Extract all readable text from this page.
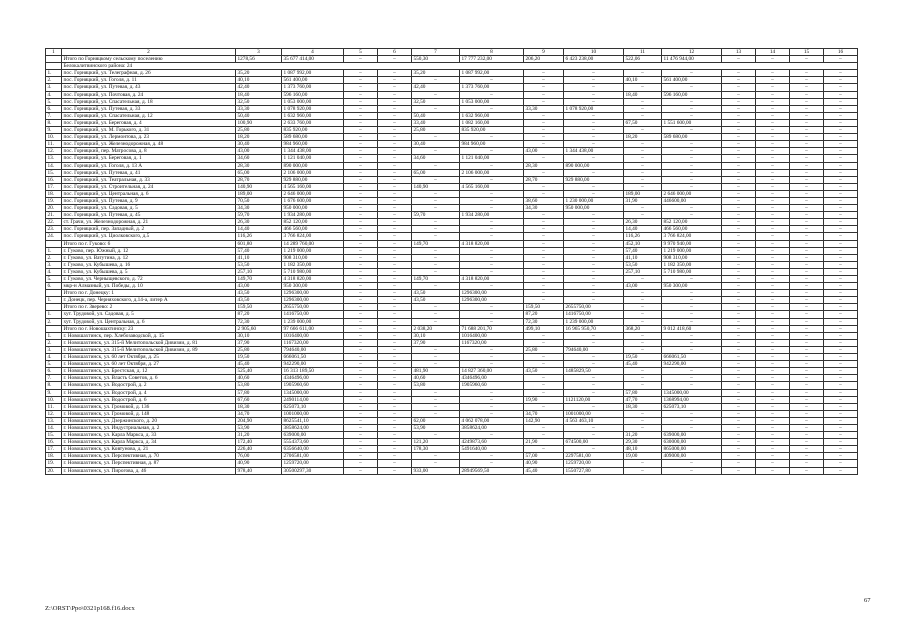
1	2	3	4	5	6	7	8	9	10	11	12	13	14	15	16
	Итого по Горняцкому сельскому поселению	1278,56	35 677 414,00	–	–	550,30	17 777 232,00	206,20	6 423 238,00	522,06	11 476 944,00	–	–	–	–
	Белокалитвинского района: 24														
1.	пос. Горняцкий, ул. Телеграфная, д. 26	35,20	1 087 992,00	–	–	35,20	1 087 992,00	–	–	–	–	–	–	–	–
2.	пос. Горняцкий, ул. Гоголя, д. 11	40,10	561 400,00	–	–	–	–	–	–	40,10	561 400,00	–	–	–	–
3.	пос. Горняцкий, ул. Путевая, д. 43	42,40	1 373 760,00	–	–	42,40	1 373 760,00	–	–	–	–	–	–	–	–
4.	пос. Горняцкий, ул. Почтовая, д. 24	18,40	596 160,00	–	–	–	–	–	–	18,40	596 160,00	–	–	–	–
5.	пос. Горняцкий, ул. Спасательная, д. 18	32,50	1 053 000,00	–	–	32,50	1 053 000,00	–	–	–	–	–	–	–	–
6.	пос. Горняцкий, ул. Путевая, д. 33	33,30	1 078 920,00	–	–	–	–	33,30	1 078 920,00	–	–	–	–	–	–
7.	пос. Горняцкий, ул. Спасательная, д. 12	50,40	1 632 960,00	–	–	50,40	1 632 960,00	–	–	–	–	–	–	–	–
8.	пос. Горняцкий, ул. Береговая, д. 4	100,90	2 633 760,00	–	–	33,40	1 082 160,00	–	–	67,50	1 551 600,00	–	–	–	–
9.	пос. Горняцкий, ул. М. Горького, д. 31	25,80	835 920,00	–	–	25,80	835 920,00	–	–	–	–	–	–	–	–
10.	пос. Горняцкий, ул. Лермонтова, д. 23	18,20	589 680,00	–	–	–	–	–	–	18,20	589 680,00	–	–	–	–
11.	пос. Горняцкий, ул. Железнодорожная, д. 48	30,40	984 960,00	–	–	30,40	984 960,00	–	–	–	–	–	–	–	–
12.	пос. Горняцкий, пер. Матросова, д. 8	43,00	1 344 438,00	–	–	–	–	43,00	1 344 438,00	–	–	–	–	–	–
13.	пос. Горняцкий, ул. Береговая, д. 1	34,60	1 121 040,00	–	–	34,60	1 121 040,00	–	–	–	–	–	–	–	–
14.	пос. Горняцкий, ул. Гоголя, д. 13 А	28,30	890 000,00	–	–	–	–	28,30	890 000,00	–	–	–	–	–	–
15.	пос. Горняцкий, ул. Путевая, д. 41	65,00	2 106 000,00	–	–	65,00	2 106 000,00	–	–	–	–	–	–	–	–
16.	пос. Горняцкий, ул. Театральная, д. 33	28,70	929 880,00	–	–	–	–	28,70	929 880,00	–	–	–	–	–	–
17.	пос. Горняцкий, ул. Строительная, д. 24	140,90	4 565 160,00	–	–	140,90	4 565 160,00	–	–	–	–	–	–	–	–
18.	пос. Горняцкий, ул. Центральная, д. 6	189,00	2 646 000,00	–	–	–	–	–	–	189,00	2 646 000,00	–	–	–	–
19.	пос. Горняцкий, ул. Путевая, д. 9	70,50	1 676 600,00	–	–	–	–	38,60	1 230 000,00	31,90	446600,00	–	–	–	–
20.	пос. Горняцкий, ул. Садовая, д. 5	34,30	950 000,00	–	–	–	–	34,30	950 000,00	–	–	–	–	–	–
21.	пос. Горняцкий, ул. Путевая, д. 45	59,70	1 934 280,00	–	–	59,70	1 934 280,00	–	–	–	–	–	–	–	–
22.	ст. Грачи, ул. Железнодорожная, д. 21	26,30	852 120,00	–	–	–	–	–	–	26,30	852 120,00	–	–	–	–
23.	пос. Горняцкий, пер. Западный, д. 2	14,40	466 560,00	–	–	–	–	–	–	14,40	466 560,00	–	–	–	–
24.	пос. Горняцкий, ул. Циолковского, д.5	116,26	3 766 824,00	–	–	–	–	–	–	116,26	3 766 824,00	–	–	–	–
	Итого по г. Гуково: 6	601,80	14 289 760,00	–	–	149,70	4 318 820,00	–	–	452,10	9 970 940,00	–	–	–	–
1.	г. Гуково, пер. Южный, д. 12	57,40	1 219 000,00	–	–	–	–	–	–	57,40	1 219 000,00	–	–	–	–
2.	г. Гуково, ул. Ватутина, д. 12	41,10	908 310,00	–	–	–	–	–	–	41,10	908 310,00	–	–	–	–
3.	г. Гуково, ул. Кубышева, д. 16	53,50	1 182 350,00	–	–	–	–	–	–	53,50	1 182 350,00	–	–	–	–
4.	г. Гуково, ул. Кубышева, д. 5	257,10	5 710 980,00	–	–	–	–	–	–	257,10	5 710 980,00	–	–	–	–
5.	г. Гуково, ул. Черныщевского, д. 72	149,70	4 318 820,00	–	–	149,70	4 318 820,00	–	–	–	–	–	–	–	–
6.	мкр-н Алмазный, ул. Победы, д. 10	43,00	950 300,00	–	–	–	–	–	–	43,00	950 300,00	–	–	–	–
	Итого по г. Донецку: 1	43,50	1296300,00	–	–	43,50	1296300,00	–	–	–	–	–	–	–	–
1.	г. Донецк, пер. Черняховского, д.14-а, литер А	43,50	1296300,00	–	–	43,50	1296300,00	–	–	–	–	–	–	–	–
	Итого по г. Зверево: 2	159,50	2655750,00	–	–	–	–	159,50	2655750,00	–	–	–	–	–	–
1.	хут. Трудовой, ул. Садовая, д. 5	87,20	1416750,00	–	–	–	–	87,20	1416750,00	–	–	–	–	–	–
2.	хут. Трудовой, ул. Центральная, д. 6	72,30	1 239 000,00	–	–	–	–	72,30	1 239 000,00	–	–	–	–	–	–
	Итого по г. Новошахтинску: 23	2 905,60	97 666 611,00	–	–	2 038,20	71 688 201,70	499,10	16 965 950,70	368,20	9 012 418,60	–	–	–	–
1.	г. Новошахтинск, пер. Хлебозаводской, д. 15	30,10	1016400,00	–	–	30,10	1016400,00	–	–	–	–	–	–	–	–
2.	г. Новошахтинск, ул. 315-й Мелитопольской Дивизии, д. 81	37,90	1167320,00	–	–	37,90	1167320,00	–	–	–	–	–	–	–	–
3.	г. Новошахтинск, ул. 315-й Мелитопольской Дивизии, д. 89	25,80	794640,00	–	–	–	–	25,80	794640,00	–	–	–	–	–	–
4.	г. Новошахтинск, ул. 60 лет Октября, д. 25	19,50	666061,50	–	–	–	–	–	–	19,50	666061,50	–	–	–	–
5.	г. Новошахтинск, ул. 60 лет Октября, д. 27	45,40	942290,00	–	–	–	–	–	–	45,40	942290,00	–	–	–	–
6.	г. Новошахтинск, ул. Брестская, д. 12	525,40	16 313 189,50	–	–	481,90	14 827 360,00	43,50	1485829,50	–	–	–	–	–	–
7.	г. Новошахтинск, ул. Власть Советов, д. 6	40,60	4346496,00	–	–	40,60	4346496,00	–	–	–	–	–	–	–	–
8.	г. Новошахтинск, ул. Водострой, д. 2	53,80	1905960,60	–	–	53,80	1905960,60	–	–	–	–	–	–	–	–
9.	г. Новошахтинск, ул. Водострой, д. 4	57,80	1345000,00	–	–	–	–	–	–	57,80	1345000,00	–	–	–	–
10.	г. Новошахтинск, ул. Водострой, д. 6	67,60	2490114,00	–	–	–	–	19,90	1121120,00	47,70	1368994,00	–	–	–	–
11.	г. Новошахтинск, ул. Громовой, д. 136	18,30	625073,10	–	–	–	–	–	–	18,30	625073,10	–	–	–	–
12.	г. Новошахтинск, ул. Громовой, д. 148	34,70	1001000,00	–	–	–	–	34,70	1001000,00	–	–	–	–	–	–
13.	г. Новошахтинск, ул. Дзержинского, д. 20	204,90	8625541,10	–	–	62,00	4 062 078,00	142,90	4 563 463,10	–	–	–	–	–	–
14.	г. Новошахтинск, ул. Индустриальная, д. 2	53,90	3858624,00	–	–	53,90	3858624,00	–	–	–	–	–	–	–	–
15.	г. Новошахтинск, ул. Карла Маркса, д. 33	31,20	639000,00	–	–	–	–	–	–	31,20	639000,00	–	–	–	–
16.	г. Новошахтинск, ул. Карла Маркса, д. 34	172,40	5554373,60	–	–	121,20	4249873,60	21,90	674500,00	29,30	630000,00	–	–	–	–
17.	г. Новошахтинск, ул. Ковтунова, д. 21	226,40	6356640,00	–	–	178,30	5491640,00	–	–	48,10	865000,00	–	–	–	–
18.	г. Новошахтинск, ул. Перспективная, д. 70	76,00	2706581,00	–	–	–	–	57,00	2297581,00	19,00	409000,00	–	–	–	–
19.	г. Новошахтинск, ул. Перспективная, д. 87	40,90	1259720,00	–	–	–	–	40,90	1259720,00	–	–	–	–	–	–
20.	г. Новошахтинск, ул. Пирогова, д. 46	978,40	30500297,30	–	–	933,00	28949569,50	45,40	1550727,80	–	–	–	–	–	–
Z:\ORST\Ppo\0321p168.f16.docx
67
